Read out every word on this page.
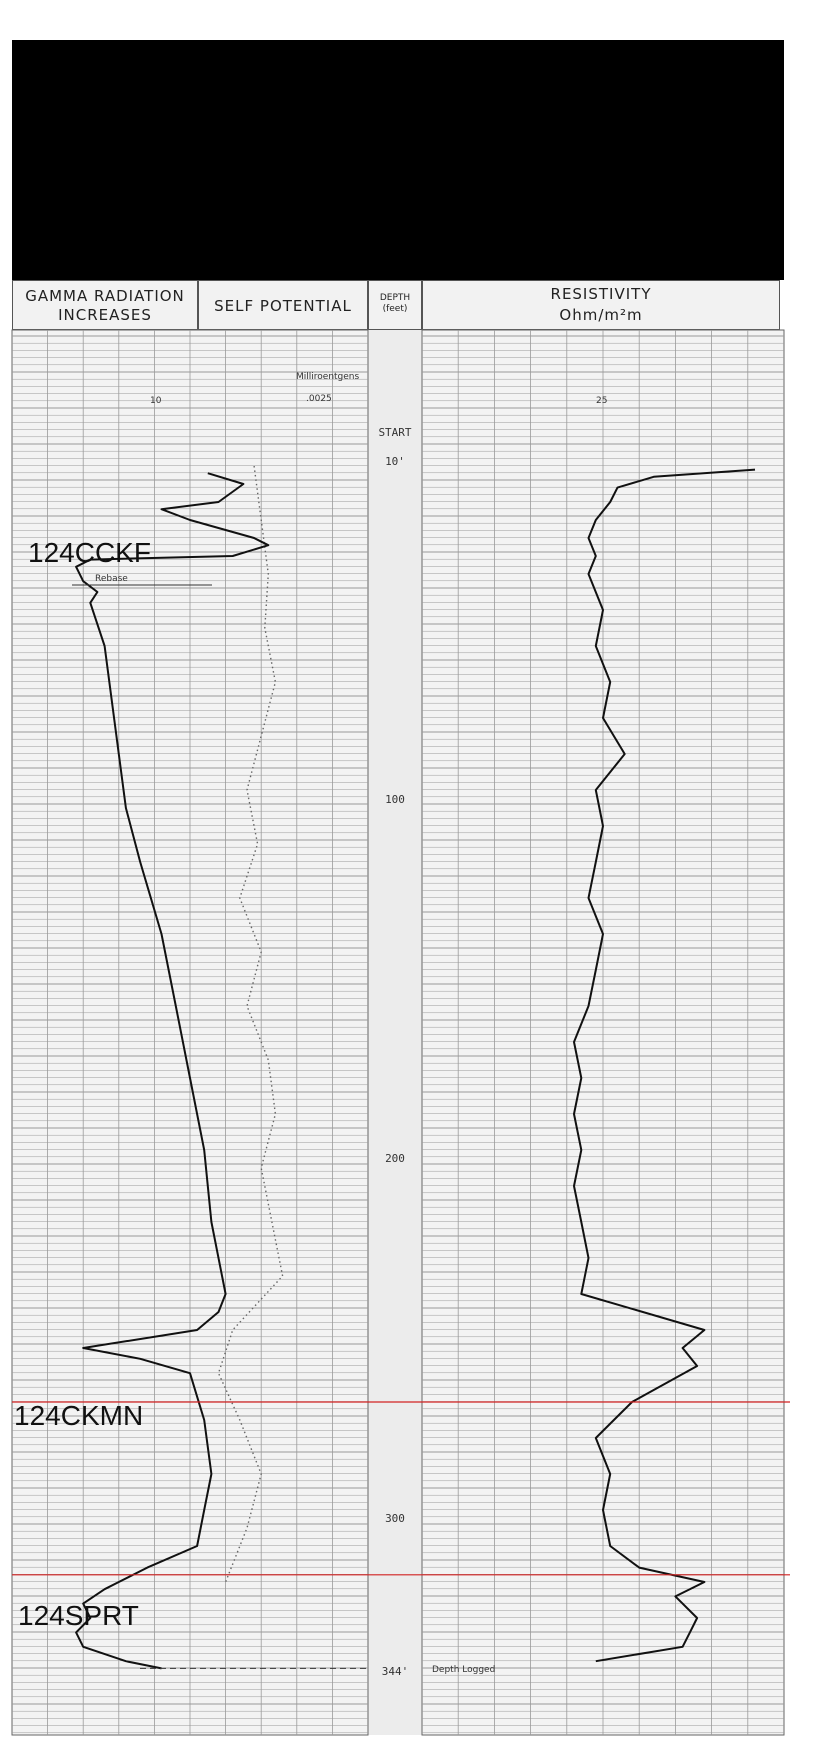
GAMMA RADIATION
INCREASES	SELF POTENTIAL	DEPTH
(feet)
RESISTIVITY
Ohm/m²m
10
Milliroentgens
.0025	25
Rebase
Depth Logged
START
10'
100
200
300
344'
124CCKF
124CKMN
124SPRT
